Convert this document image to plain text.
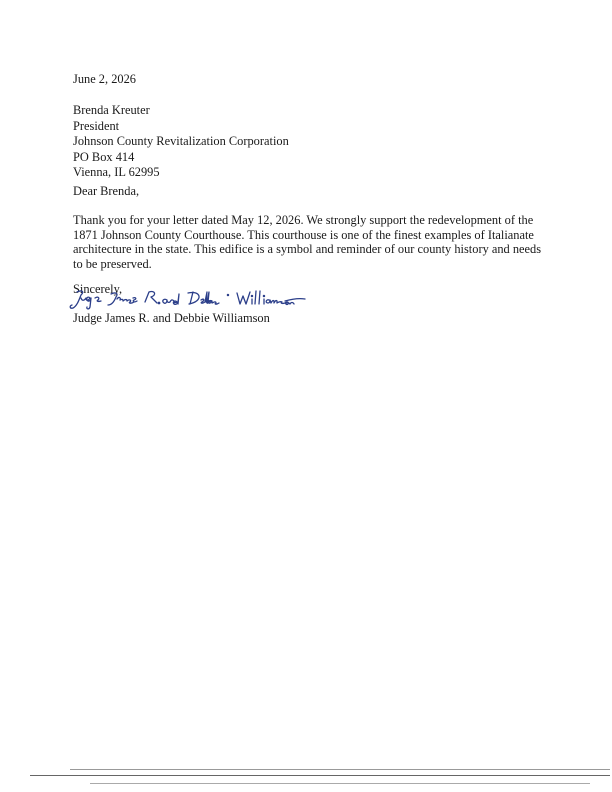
June 2, 2026
Brenda Kreuter
President
Johnson County Revitalization Corporation
PO Box 414
Vienna, IL 62995
Dear Brenda,
Thank you for your letter dated May 12, 2026. We strongly support the redevelopment of the
1871 Johnson County Courthouse. This courthouse is one of the finest examples of Italianate
architecture in the state. This edifice is a symbol and reminder of our county history and needs
to be preserved.
Sincerely,
Judge James R. and Debbie Williamson
